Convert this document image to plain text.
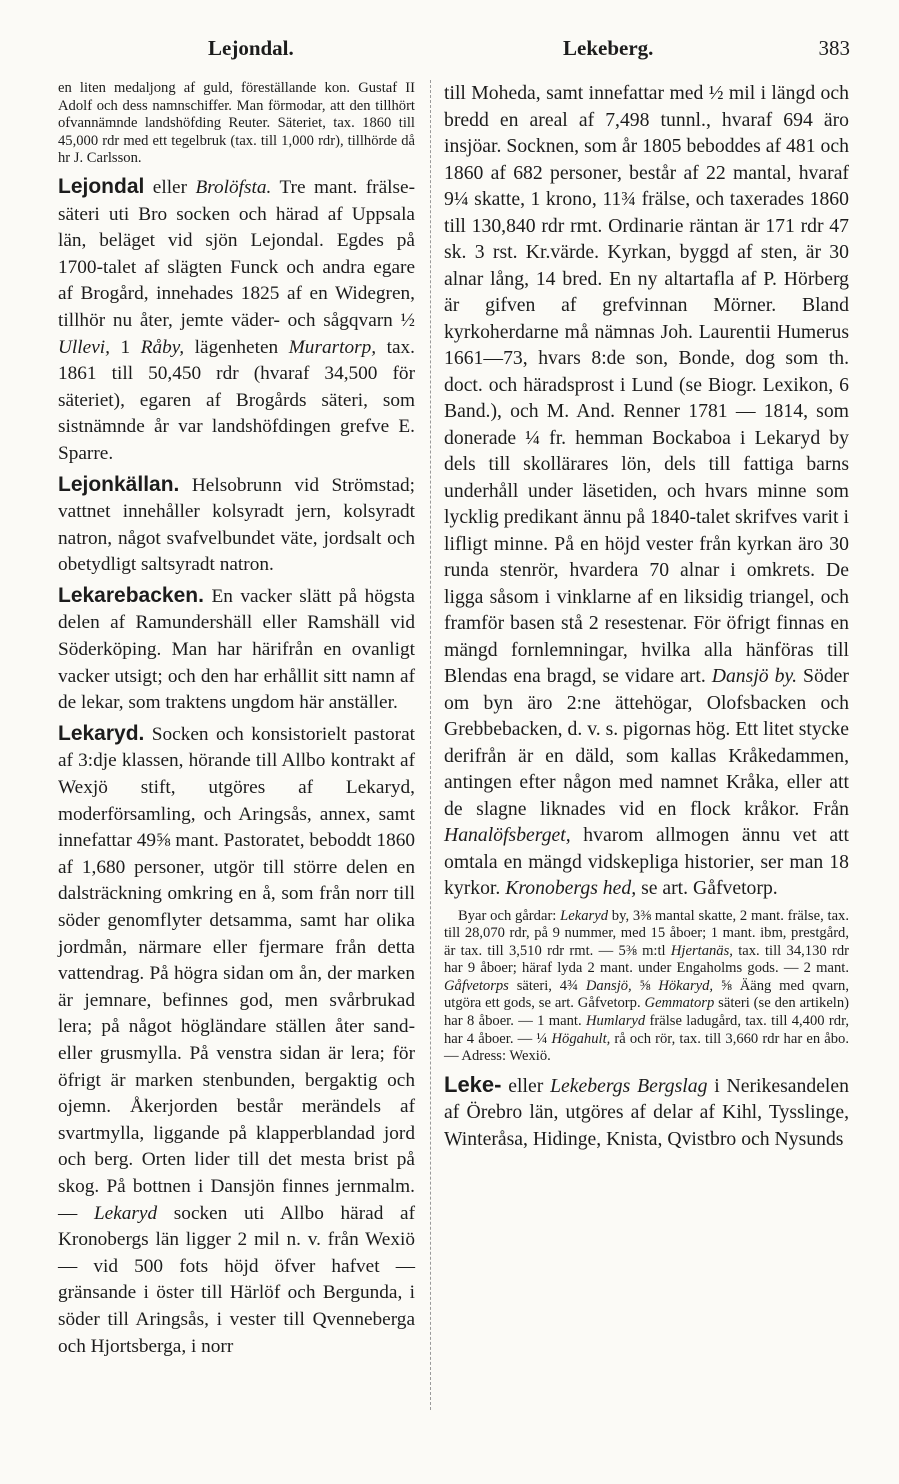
Lejondal.	Lekeberg.	383

en liten medaljong af guld, föreställande kon. Gustaf II Adolf och dess namnschiffer. Man förmodar, att den tillhört ofvannämnde landshöfding Reuter. Säteriet, tax. 1860 till 45,000 rdr med ett tegelbruk (tax. till 1,000 rdr), tillhörde då hr J. Carlsson.

Lejondal eller Brolöfsta. Tre mant. frälse-säteri uti Bro socken och härad af Uppsala län, beläget vid sjön Lejondal. Egdes på 1700-talet af slägten Funck och andra egare af Brogård, innehades 1825 af en Widegren, tillhör nu åter, jemte väder- och sågqvarn ½ Ullevi, 1 Råby, lägenheten Murartorp, tax. 1861 till 50,450 rdr (hvaraf 34,500 för säteriet), egaren af Brogårds säteri, som sistnämnde år var landshöfdingen grefve E. Sparre.

Lejonkällan. Helsobrunn vid Strömstad; vattnet innehåller kolsyradt jern, kolsyradt natron, något svafvelbundet väte, jordsalt och obetydligt saltsyradt natron.

Lekarebacken. En vacker slätt på högsta delen af Ramundershäll eller Ramshäll vid Söderköping. Man har härifrån en ovanligt vacker utsigt; och den har erhållit sitt namn af de lekar, som traktens ungdom här anställer.

Lekaryd. Socken och konsistorielt pastorat af 3:dje klassen, hörande till Allbo kontrakt af Wexjö stift, utgöres af Lekaryd, moderförsamling, och Aringsås, annex, samt innefattar 49⅝ mant. Pastoratet, beboddt 1860 af 1,680 personer, utgör till större delen en dalsträckning omkring en å, som från norr till söder genomflyter detsamma, samt har olika jordmån, närmare eller fjermare från detta vattendrag. På högra sidan om ån, der marken är jemnare, befinnes god, men svårbrukad lera; på något högländare ställen åter sand- eller grusmylla. På venstra sidan är lera; för öfrigt är marken stenbunden, bergaktig och ojemn. Åkerjorden består merändels af svartmylla, liggande på klapperblandad jord och berg. Orten lider till det mesta brist på skog. På bottnen i Dansjön finnes jernmalm. — Lekaryd socken uti Allbo härad af Kronobergs län ligger 2 mil n. v. från Wexiö — vid 500 fots höjd öfver hafvet — gränsande i öster till Härlöf och Bergunda, i söder till Aringsås, i vester till Qvenneberga och Hjortsberga, i norr

till Moheda, samt innefattar med ½ mil i längd och bredd en areal af 7,498 tunnl., hvaraf 694 äro insjöar. Socknen, som år 1805 beboddes af 481 och 1860 af 682 personer, består af 22 mantal, hvaraf 9¼ skatte, 1 krono, 11¾ frälse, och taxerades 1860 till 130,840 rdr rmt. Ordinarie räntan är 171 rdr 47 sk. 3 rst. Kr.värde. Kyrkan, byggd af sten, är 30 alnar lång, 14 bred. En ny altartafla af P. Hörberg är gifven af grefvinnan Mörner. Bland kyrkoherdarne må nämnas Joh. Laurentii Humerus 1661—73, hvars 8:de son, Bonde, dog som th. doct. och häradsprost i Lund (se Biogr. Lexikon, 6 Band.), och M. And. Renner 1781 — 1814, som donerade ¼ fr. hemman Bockaboa i Lekaryd by dels till skollärares lön, dels till fattiga barns underhåll under läsetiden, och hvars minne som lycklig predikant ännu på 1840-talet skrifves varit i lifligt minne. På en höjd vester från kyrkan äro 30 runda stenrör, hvardera 70 alnar i omkrets. De ligga såsom i vinklarne af en liksidig triangel, och framför basen stå 2 resestenar. För öfrigt finnas en mängd fornlemningar, hvilka alla hänföras till Blendas ena bragd, se vidare art. Dansjö by. Söder om byn äro 2:ne ättehögar, Olofsbacken och Grebbebacken, d. v. s. pigornas hög. Ett litet stycke derifrån är en däld, som kallas Kråkedammen, antingen efter någon med namnet Kråka, eller att de slagne liknades vid en flock kråkor. Från Hanalöfsberget, hvarom allmogen ännu vet att omtala en mängd vidskepliga historier, ser man 18 kyrkor. Kronobergs hed, se art. Gåfvetorp.

Byar och gårdar: Lekaryd by, 3⅜ mantal skatte, 2 mant. frälse, tax. till 28,070 rdr, på 9 nummer, med 15 åboer; 1 mant. ibm, prestgård, är tax. till 3,510 rdr rmt. — 5⅜ m:tl Hjertanäs, tax. till 34,130 rdr har 9 åboer; häraf lyda 2 mant. under Engaholms gods. — 2 mant. Gåfvetorps säteri, 4¾ Dansjö, ⅝ Hökaryd, ⅝ Ääng med qvarn, utgöra ett gods, se art. Gåfvetorp. Gemmatorp säteri (se den artikeln) har 8 åboer. — 1 mant. Humlaryd frälse ladugård, tax. till 4,400 rdr, har 4 åboer. — ¼ Högahult, rå och rör, tax. till 3,660 rdr har en åbo. — Adress: Wexiö.

Leke- eller Lekebergs Bergslag i Nerikesandelen af Örebro län, utgöres af delar af Kihl, Tysslinge, Winteråsa, Hidinge, Knista, Qvistbro och Nysunds
